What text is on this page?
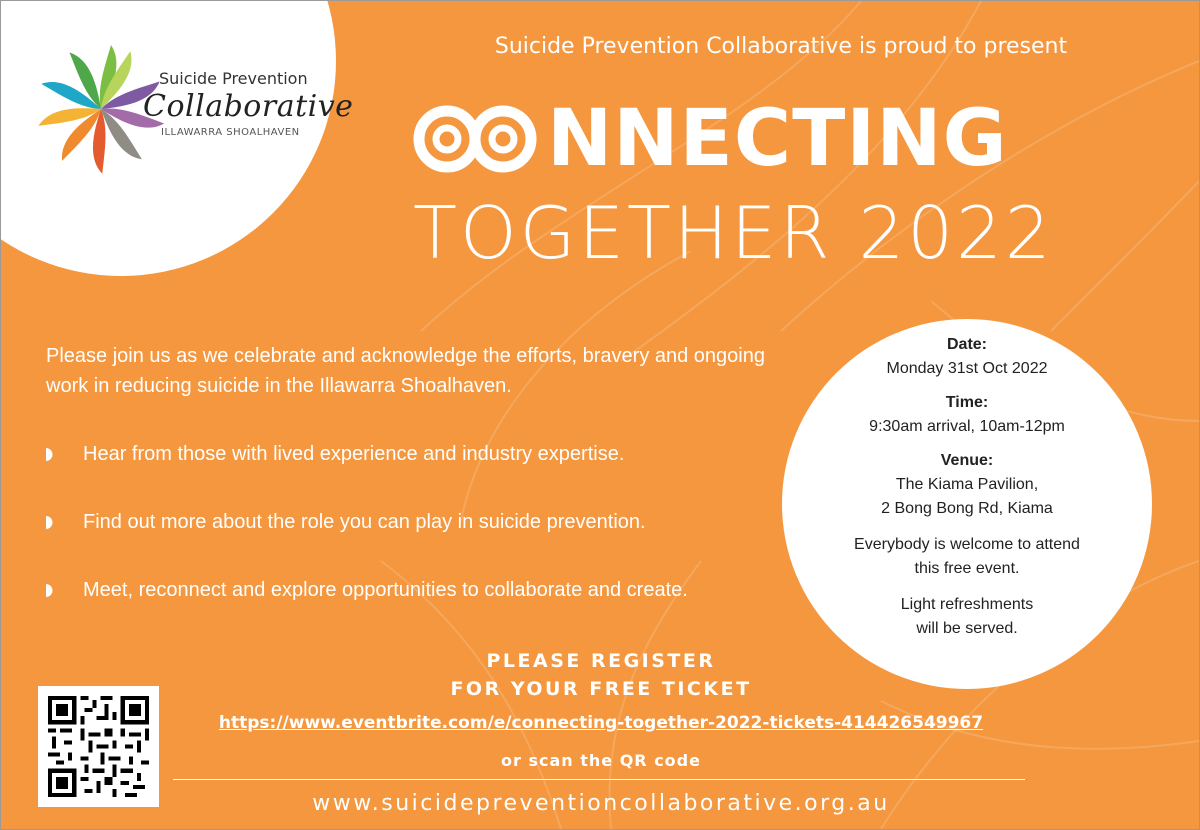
Suicide Prevention
Collaborative
ILLAWARRA SHOALHAVEN
Suicide Prevention Collaborative is proud to present
NNECTING
TOGETHER 2022
Please join us as we celebrate and acknowledge the efforts, bravery and ongoing work in reducing suicide in the Illawarra Shoalhaven.
Hear from those with lived experience and industry expertise.
Find out more about the role you can play in suicide prevention.
Meet, reconnect and explore opportunities to collaborate and create.
Date:
Monday 31st Oct 2022
Time:
9:30am arrival, 10am-12pm
Venue:
The Kiama Pavilion,
2 Bong Bong Rd, Kiama
Everybody is welcome to attend
this free event.
Light refreshments
will be served.
PLEASE REGISTER
FOR YOUR FREE TICKET
https://www.eventbrite.com/e/connecting-together-2022-tickets-414426549967
or scan the QR code
www.suicidepreventioncollaborative.org.au
